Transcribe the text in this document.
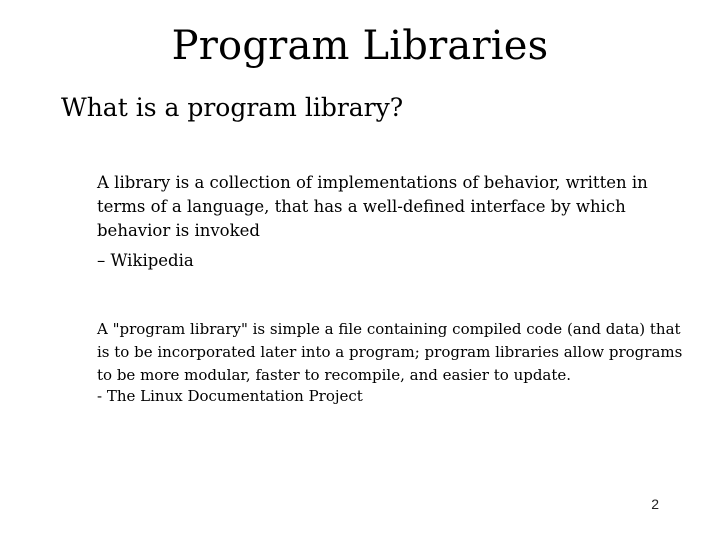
Program Libraries
What is a program library?
A library is a collection of implementations of behavior, written in terms of a language, that has a well-defined interface by which behavior is invoked
– Wikipedia
A "program library" is simple a file containing compiled code (and data) that is to be incorporated later into a program; program libraries allow programs to be more modular, faster to recompile, and easier to update.
- The Linux Documentation Project
2
